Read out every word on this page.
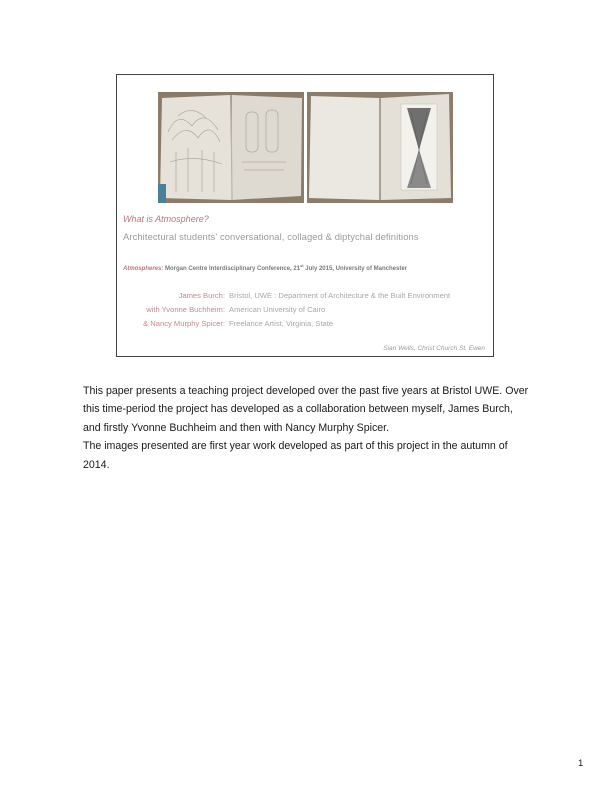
What is Atmosphere?
Architectural students' conversational, collaged & diptychal definitions
Atmospheres: Morgan Centre Interdisciplinary Conference, 21st July 2015, University of Manchester
James Burch:
with Yvonne Buchheim:
& Nancy Murphy Spicer:
Bristol, UWE : Department of Architecture & the Built Environment
American University of Cairo
Freelance Artist, Virginia, State
Sian Wells, Christ Church St. Ewen

This paper presents a teaching project developed over the past five years at Bristol UWE. Over this time-period the project has developed as a collaboration between myself, James Burch, and firstly Yvonne Buchheim and then with Nancy Murphy Spicer.

The images presented are first year work developed as part of this project in the autumn of 2014.

1
